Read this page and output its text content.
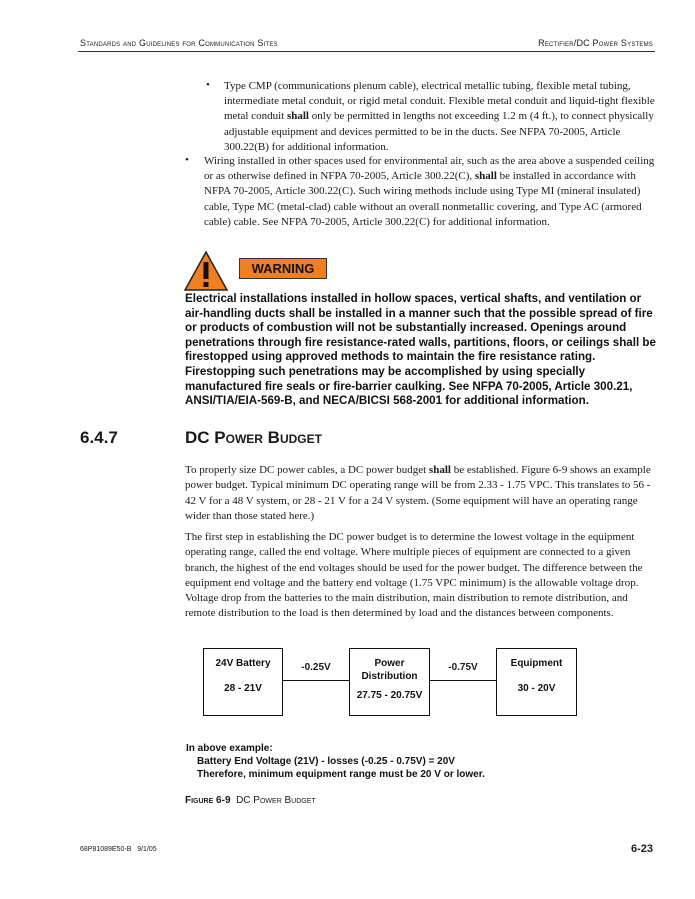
Standards and Guidelines for Communication Sites	Rectifier/DC Power Systems
• Type CMP (communications plenum cable), electrical metallic tubing, flexible metal tubing, intermediate metal conduit, or rigid metal conduit. Flexible metal conduit and liquid-tight flexible metal conduit shall only be permitted in lengths not exceeding 1.2 m (4 ft.), to connect physically adjustable equipment and devices permitted to be in the ducts. See NFPA 70-2005, Article 300.22(B) for additional information.
• Wiring installed in other spaces used for environmental air, such as the area above a suspended ceiling or as otherwise defined in NFPA 70-2005, Article 300.22(C), shall be installed in accordance with NFPA 70-2005, Article 300.22(C). Such wiring methods include using Type MI (mineral insulated) cable, Type MC (metal-clad) cable without an overall nonmetallic covering, and Type AC (armored cable) cable. See NFPA 70-2005, Article 300.22(C) for additional information.
WARNING
Electrical installations installed in hollow spaces, vertical shafts, and ventilation or air-handling ducts shall be installed in a manner such that the possible spread of fire or products of combustion will not be substantially increased. Openings around penetrations through fire resistance-rated walls, partitions, floors, or ceilings shall be firestopped using approved methods to maintain the fire resistance rating. Firestopping such penetrations may be accomplished by using specially manufactured fire seals or fire-barrier caulking. See NFPA 70-2005, Article 300.21, ANSI/TIA/EIA-569-B, and NECA/BICSI 568-2001 for additional information.
6.4.7	DC Power Budget
To properly size DC power cables, a DC power budget shall be established. Figure 6-9 shows an example power budget. Typical minimum DC operating range will be from 2.33 - 1.75 VPC. This translates to 56 - 42 V for a 48 V system, or 28 - 21 V for a 24 V system. (Some equipment will have an operating range wider than those stated here.)
The first step in establishing the DC power budget is to determine the lowest voltage in the equipment operating range, called the end voltage. Where multiple pieces of equipment are connected to a given branch, the highest of the end voltages should be used for the power budget. The difference between the equipment end voltage and the battery end voltage (1.75 VPC minimum) is the allowable voltage drop. Voltage drop from the batteries to the main distribution, main distribution to remote distribution, and remote distribution to the load is then determined by load and the distances between components.
24V Battery
28 - 21V
-0.25V	Power
Distribution
27.75 - 20.75V
-0.75V	Equipment
30 - 20V
In above example:
Battery End Voltage (21V) - losses (-0.25 - 0.75V) = 20V
Therefore, minimum equipment range must be 20 V or lower.
Figure 6-9 DC Power Budget
68P81089E50-B   9/1/05	6-23
